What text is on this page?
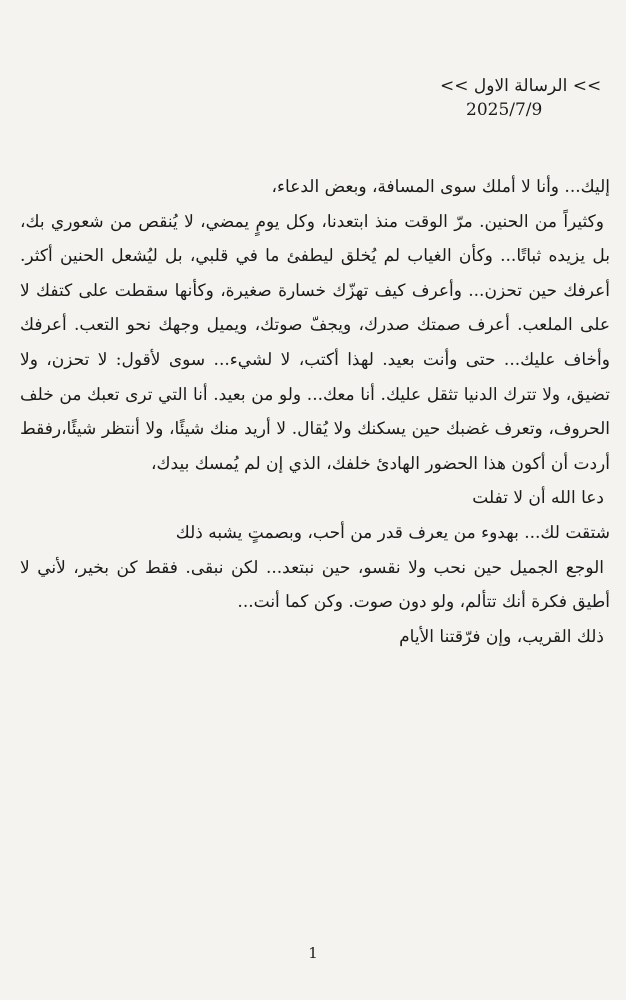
<< الرسالة الاول <<
2025/7/9
إليك... وأنا لا أملك سوى المسافة، وبعض الدعاء،
وكثيراً من الحنين. مرّ الوقت منذ ابتعدنا، وكل يومٍ يمضي، لا يُنقص من شعوري بك،
بل يزيده ثباتًا... وكأن الغياب لم يُخلق ليطفئ ما في قلبي، بل ليُشعل الحنين أكثر.
أعرفك حين تحزن... وأعرف كيف تهزّك خسارة صغيرة، وكأنها سقطت على كتفك لا
على الملعب. أعرف صمتك صدرك، ويجفّ صوتك، ويميل وجهك نحو التعب. أعرفك
وأخاف عليك... حتى وأنت بعيد. لهذا أكتب، لا لشيء... سوى لأقول: لا تحزن، ولا
تضيق، ولا تترك الدنيا تثقل عليك. أنا معك... ولو من بعيد. أنا التي ترى تعبك من خلف
الحروف، وتعرف غضبك حين يسكنك ولا يُقال. لا أريد منك شيئًا، ولا أنتظر شيئًا،رفقط
أردت أن أكون هذا الحضور الهادئ خلفك، الذي إن لم يُمسك بيدك،
دعا الله أن لا تفلت
شتقت لك... بهدوء من يعرف قدر من أحب، وبصمتٍ يشبه ذلك
الوجع الجميل حين نحب ولا نقسو، حين نبتعد... لكن نبقى. فقط كن بخير، لأني لا
أطيق فكرة أنك تتألم، ولو دون صوت. وكن كما أنت...
ذلك القريب، وإن فرّقتنا الأيام
1
